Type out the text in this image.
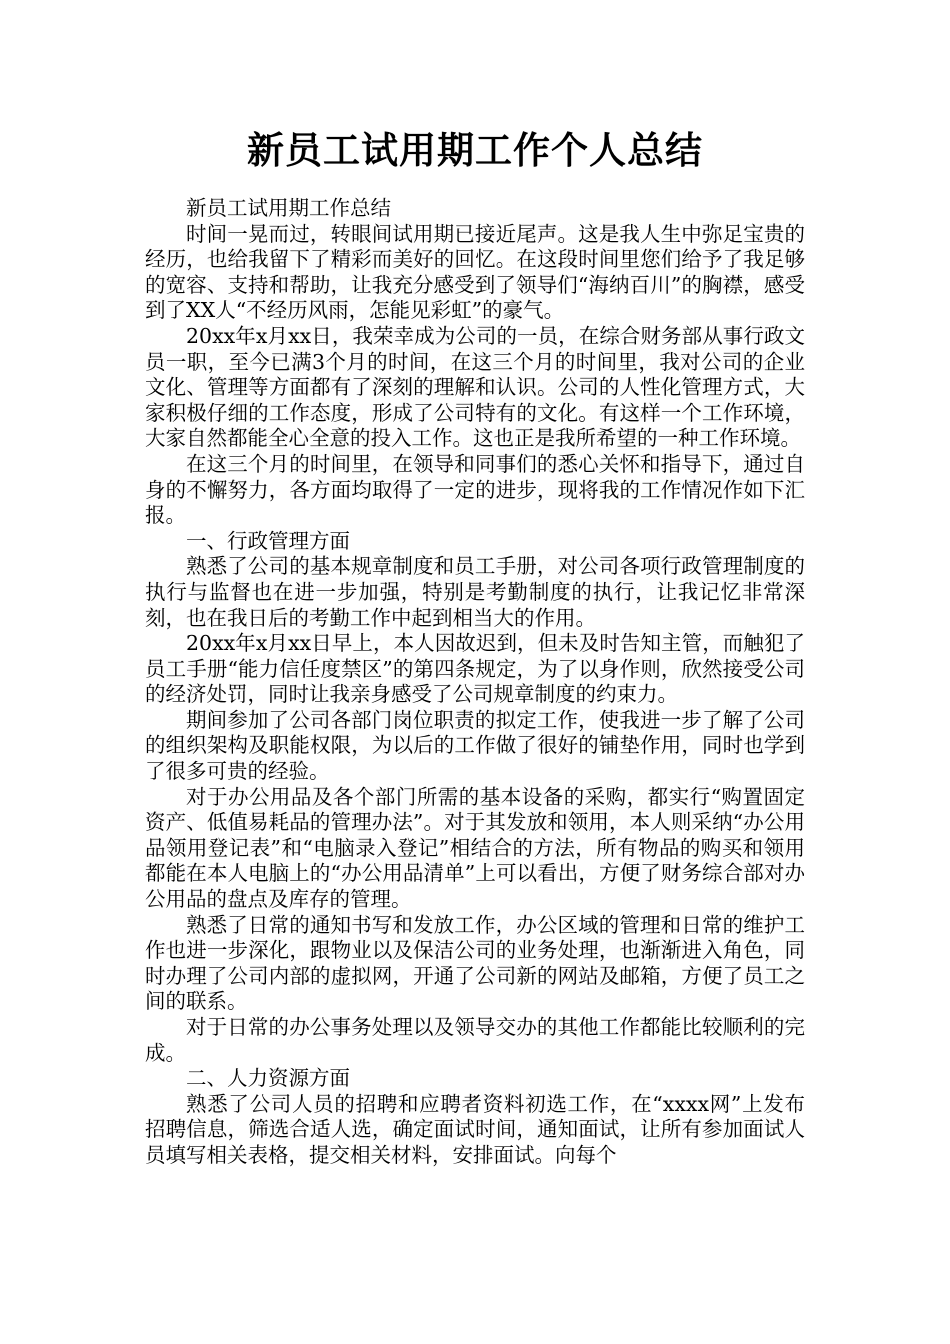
新员工试用期工作个人总结

新员工试用期工作总结

时间一晃而过，转眼间试用期已接近尾声。这是我人生中弥足宝贵的经历，也给我留下了精彩而美好的回忆。在这段时间里您们给予了我足够的宽容、支持和帮助，让我充分感受到了领导们“海纳百川”的胸襟，感受到了XX人“不经历风雨，怎能见彩虹”的豪气。

20xx年x月xx日，我荣幸成为公司的一员，在综合财务部从事行政文员一职，至今已满3个月的时间，在这三个月的时间里，我对公司的企业文化、管理等方面都有了深刻的理解和认识。公司的人性化管理方式，大家积极仔细的工作态度，形成了公司特有的文化。有这样一个工作环境，大家自然都能全心全意的投入工作。这也正是我所希望的一种工作环境。

在这三个月的时间里，在领导和同事们的悉心关怀和指导下，通过自身的不懈努力，各方面均取得了一定的进步，现将我的工作情况作如下汇报。

一、行政管理方面

熟悉了公司的基本规章制度和员工手册，对公司各项行政管理制度的执行与监督也在进一步加强，特别是考勤制度的执行，让我记忆非常深刻，也在我日后的考勤工作中起到相当大的作用。

20xx年x月xx日早上，本人因故迟到，但未及时告知主管，而触犯了员工手册“能力信任度禁区”的第四条规定，为了以身作则，欣然接受公司的经济处罚，同时让我亲身感受了公司规章制度的约束力。

期间参加了公司各部门岗位职责的拟定工作，使我进一步了解了公司的组织架构及职能权限，为以后的工作做了很好的铺垫作用，同时也学到了很多可贵的经验。

对于办公用品及各个部门所需的基本设备的采购，都实行“购置固定资产、低值易耗品的管理办法”。对于其发放和领用，本人则采纳“办公用品领用登记表”和“电脑录入登记”相结合的方法，所有物品的购买和领用都能在本人电脑上的“办公用品清单”上可以看出，方便了财务综合部对办公用品的盘点及库存的管理。

熟悉了日常的通知书写和发放工作，办公区域的管理和日常的维护工作也进一步深化，跟物业以及保洁公司的业务处理，也渐渐进入角色，同时办理了公司内部的虚拟网，开通了公司新的网站及邮箱，方便了员工之间的联系。

对于日常的办公事务处理以及领导交办的其他工作都能比较顺利的完成。

二、人力资源方面

熟悉了公司人员的招聘和应聘者资料初选工作，在“xxxx网”上发布招聘信息，筛选合适人选，确定面试时间，通知面试，让所有参加面试人员填写相关表格，提交相关材料，安排面试。向每个
